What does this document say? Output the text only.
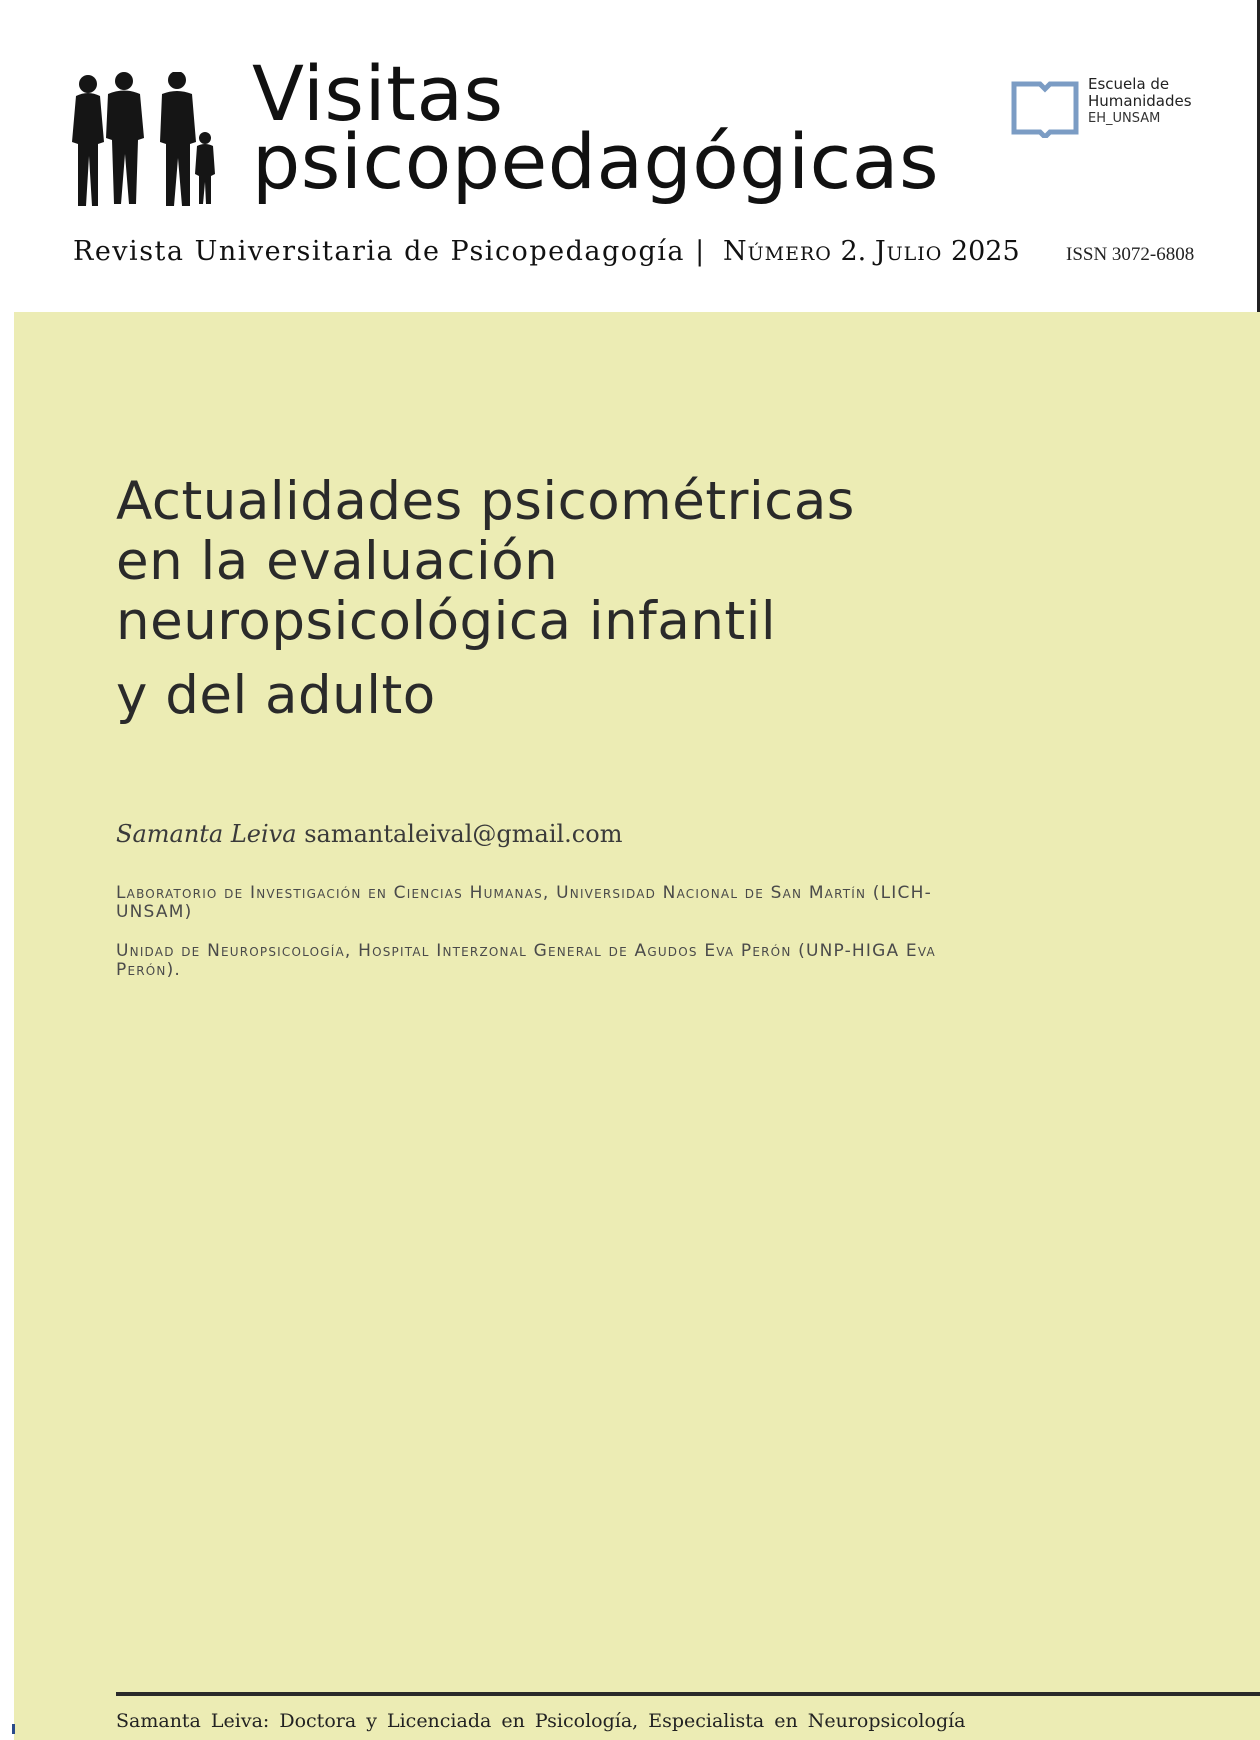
Visitas
psicopedagógicas
Escuela de
Humanidades
EH_UNSAM
Revista Universitaria de Psicopedagogía | Número 2. Julio 2025 ISSN 3072-6808
Actualidades psicométricas
en la evaluación
neuropsicológica infantil
y del adulto
Samanta Leiva samantaleival@gmail.com

Laboratorio de Investigación en Ciencias Humanas, Universidad Nacional de San Martín (LICH-UNSAM)

Unidad de Neuropsicología, Hospital Interzonal General de Agudos Eva Perón (UNP-HIGA Eva Perón).

Samanta Leiva: Doctora y Licenciada en Psicología, Especialista en Neuropsicología
